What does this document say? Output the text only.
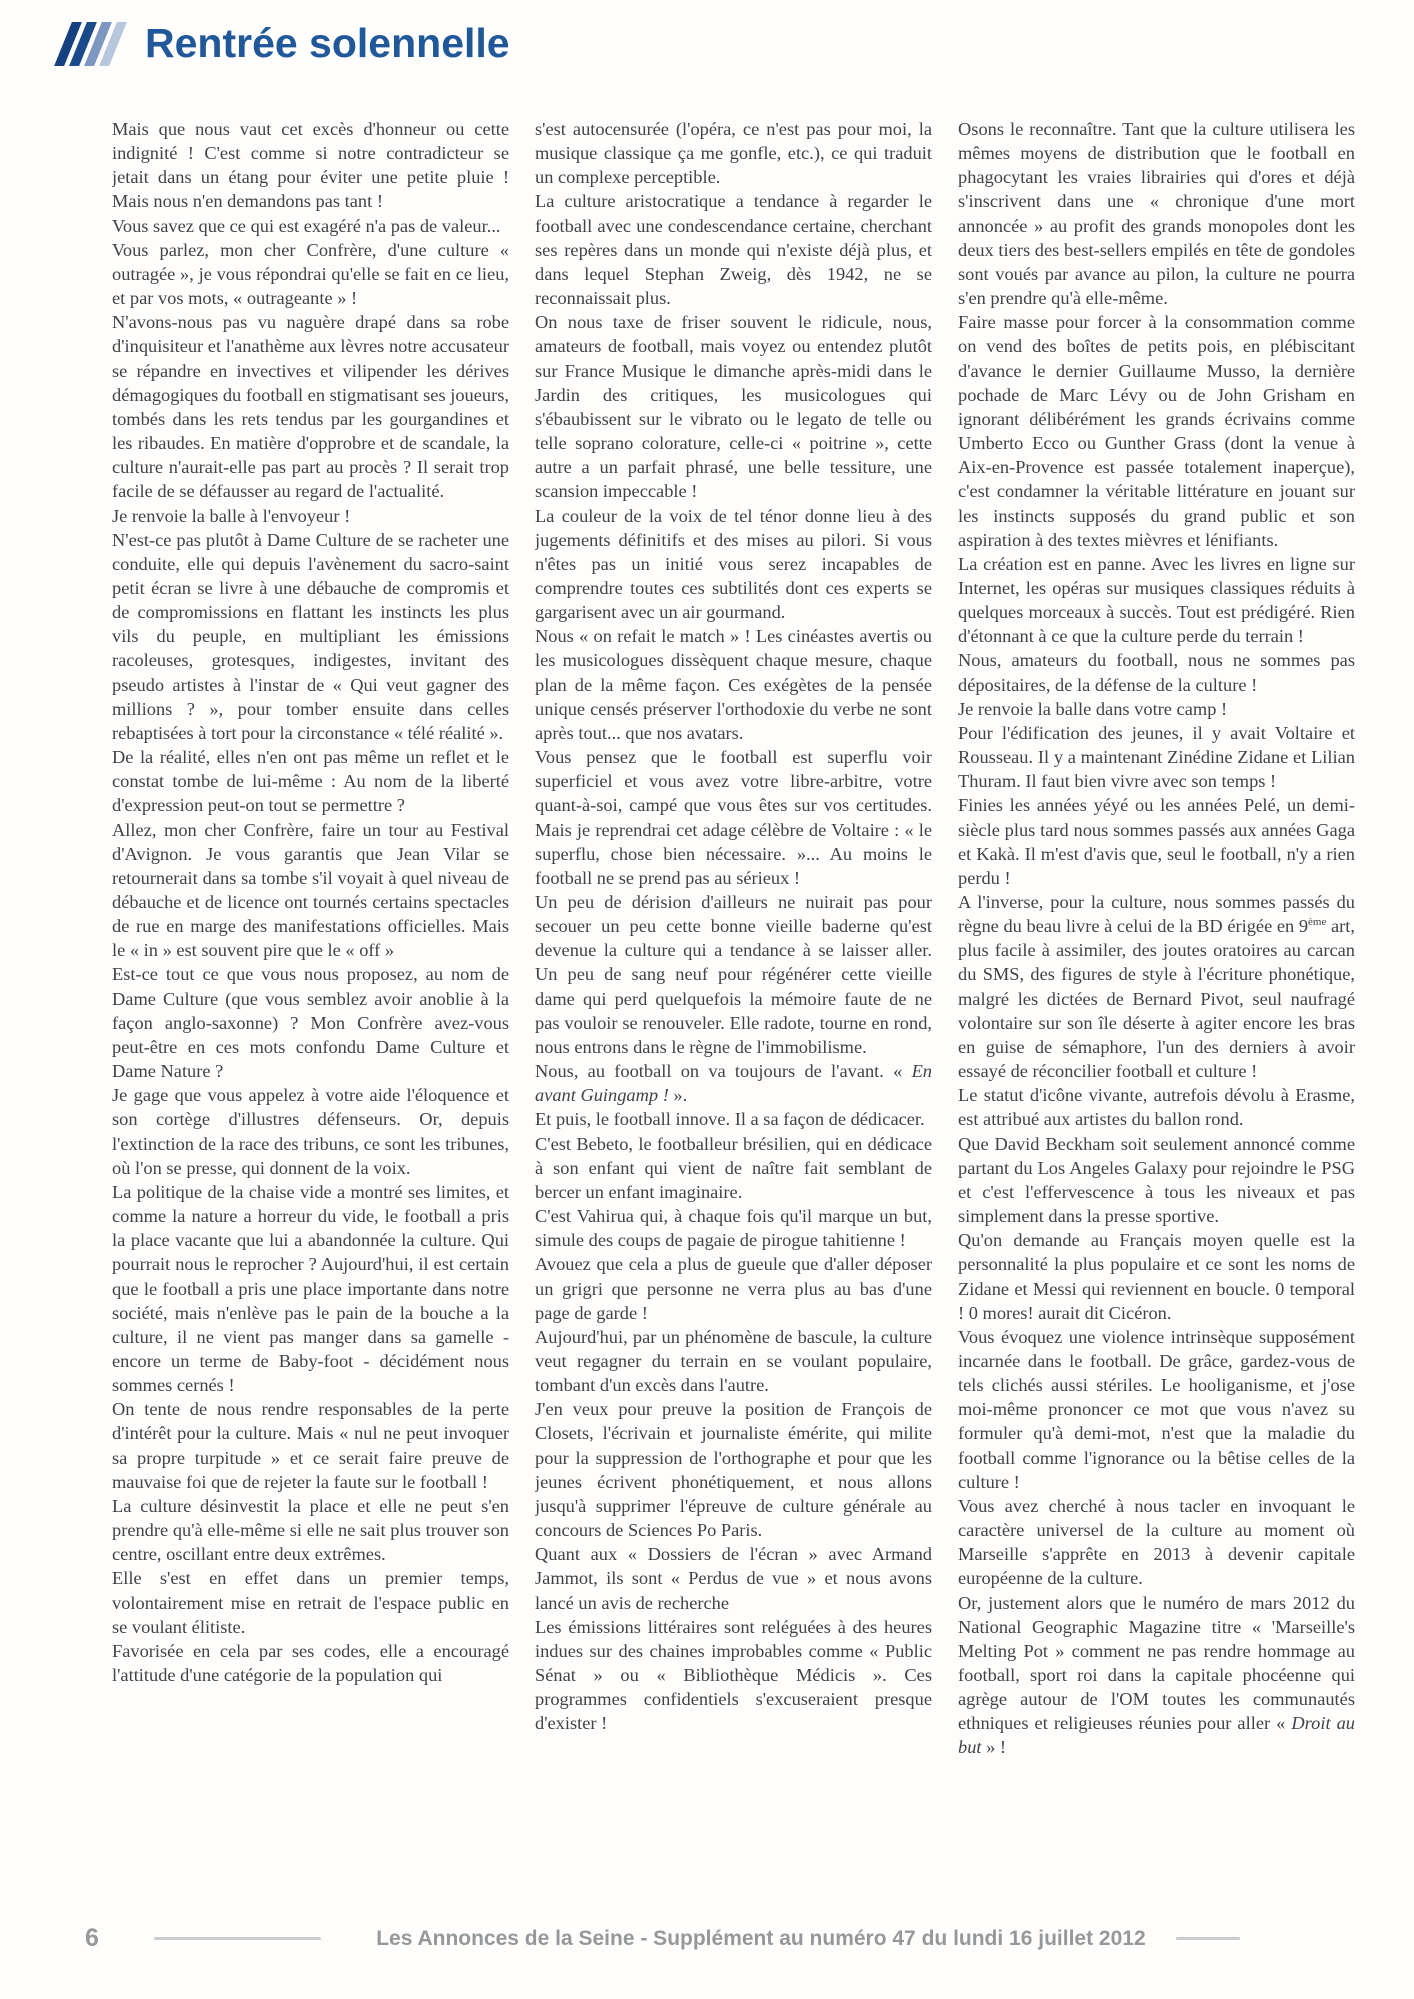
Rentrée solennelle

Mais que nous vaut cet excès d'honneur ou cette indignité ! C'est comme si notre contradicteur se jetait dans un étang pour éviter une petite pluie ! Mais nous n'en demandons pas tant !

Vous savez que ce qui est exagéré n'a pas de valeur...

Vous parlez, mon cher Confrère, d'une culture « outragée », je vous répondrai qu'elle se fait en ce lieu, et par vos mots, « outrageante » !

N'avons-nous pas vu naguère drapé dans sa robe d'inquisiteur et l'anathème aux lèvres notre accusateur se répandre en invectives et vilipender les dérives démagogiques du football en stigmatisant ses joueurs, tombés dans les rets tendus par les gourgandines et les ribaudes. En matière d'opprobre et de scandale, la culture n'aurait-elle pas part au procès ? Il serait trop facile de se défausser au regard de l'actualité.

Je renvoie la balle à l'envoyeur !

N'est-ce pas plutôt à Dame Culture de se racheter une conduite, elle qui depuis l'avènement du sacro-saint petit écran se livre à une débauche de compromis et de compromissions en flattant les instincts les plus vils du peuple, en multipliant les émissions racoleuses, grotesques, indigestes, invitant des pseudo artistes à l'instar de « Qui veut gagner des millions ? », pour tomber ensuite dans celles rebaptisées à tort pour la circonstance « télé réalité ».

De la réalité, elles n'en ont pas même un reflet et le constat tombe de lui-même : Au nom de la liberté d'expression peut-on tout se permettre ?

Allez, mon cher Confrère, faire un tour au Festival d'Avignon. Je vous garantis que Jean Vilar se retournerait dans sa tombe s'il voyait à quel niveau de débauche et de licence ont tournés certains spectacles de rue en marge des manifestations officielles. Mais le « in » est souvent pire que le « off »

Est-ce tout ce que vous nous proposez, au nom de Dame Culture (que vous semblez avoir anoblie à la façon anglo-saxonne) ? Mon Confrère avez-vous peut-être en ces mots confondu Dame Culture et Dame Nature ?

Je gage que vous appelez à votre aide l'éloquence et son cortège d'illustres défenseurs. Or, depuis l'extinction de la race des tribuns, ce sont les tribunes, où l'on se presse, qui donnent de la voix.

La politique de la chaise vide a montré ses limites, et comme la nature a horreur du vide, le football a pris la place vacante que lui a abandonnée la culture. Qui pourrait nous le reprocher ? Aujourd'hui, il est certain que le football a pris une place importante dans notre société, mais n'enlève pas le pain de la bouche a la culture, il ne vient pas manger dans sa gamelle - encore un terme de Baby-foot - décidément nous sommes cernés !

On tente de nous rendre responsables de la perte d'intérêt pour la culture. Mais « nul ne peut invoquer sa propre turpitude » et ce serait faire preuve de mauvaise foi que de rejeter la faute sur le football !

La culture désinvestit la place et elle ne peut s'en prendre qu'à elle-même si elle ne sait plus trouver son centre, oscillant entre deux extrêmes.

Elle s'est en effet dans un premier temps, volontairement mise en retrait de l'espace public en se voulant élitiste.

Favorisée en cela par ses codes, elle a encouragé l'attitude d'une catégorie de la population qui

s'est autocensurée (l'opéra, ce n'est pas pour moi, la musique classique ça me gonfle, etc.), ce qui traduit un complexe perceptible.

La culture aristocratique a tendance à regarder le football avec une condescendance certaine, cherchant ses repères dans un monde qui n'existe déjà plus, et dans lequel Stephan Zweig, dès 1942, ne se reconnaissait plus.

On nous taxe de friser souvent le ridicule, nous, amateurs de football, mais voyez ou entendez plutôt sur France Musique le dimanche après-midi dans le Jardin des critiques, les musicologues qui s'ébaubissent sur le vibrato ou le legato de telle ou telle soprano colorature, celle-ci « poitrine », cette autre a un parfait phrasé, une belle tessiture, une scansion impeccable !

La couleur de la voix de tel ténor donne lieu à des jugements définitifs et des mises au pilori. Si vous n'êtes pas un initié vous serez incapables de comprendre toutes ces subtilités dont ces experts se gargarisent avec un air gourmand.

Nous « on refait le match » ! Les cinéastes avertis ou les musicologues dissèquent chaque mesure, chaque plan de la même façon. Ces exégètes de la pensée unique censés préserver l'orthodoxie du verbe ne sont après tout... que nos avatars.

Vous pensez que le football est superflu voir superficiel et vous avez votre libre-arbitre, votre quant-à-soi, campé que vous êtes sur vos certitudes. Mais je reprendrai cet adage célèbre de Voltaire : « le superflu, chose bien nécessaire. »... Au moins le football ne se prend pas au sérieux !

Un peu de dérision d'ailleurs ne nuirait pas pour secouer un peu cette bonne vieille baderne qu'est devenue la culture qui a tendance à se laisser aller. Un peu de sang neuf pour régénérer cette vieille dame qui perd quelquefois la mémoire faute de ne pas vouloir se renouveler. Elle radote, tourne en rond, nous entrons dans le règne de l'immobilisme.

Nous, au football on va toujours de l'avant. « En avant Guingamp ! ».

Et puis, le football innove. Il a sa façon de dédicacer.

C'est Bebeto, le footballeur brésilien, qui en dédicace à son enfant qui vient de naître fait semblant de bercer un enfant imaginaire.

C'est Vahirua qui, à chaque fois qu'il marque un but, simule des coups de pagaie de pirogue tahitienne !

Avouez que cela a plus de gueule que d'aller déposer un grigri que personne ne verra plus au bas d'une page de garde !

Aujourd'hui, par un phénomène de bascule, la culture veut regagner du terrain en se voulant populaire, tombant d'un excès dans l'autre.

J'en veux pour preuve la position de François de Closets, l'écrivain et journaliste émérite, qui milite pour la suppression de l'orthographe et pour que les jeunes écrivent phonétiquement, et nous allons jusqu'à supprimer l'épreuve de culture générale au concours de Sciences Po Paris.

Quant aux « Dossiers de l'écran » avec Armand Jammot, ils sont « Perdus de vue » et nous avons lancé un avis de recherche

Les émissions littéraires sont reléguées à des heures indues sur des chaines improbables comme « Public Sénat » ou « Bibliothèque Médicis ». Ces programmes confidentiels s'excuseraient presque d'exister !

Osons le reconnaître. Tant que la culture utilisera les mêmes moyens de distribution que le football en phagocytant les vraies librairies qui d'ores et déjà s'inscrivent dans une « chronique d'une mort annoncée » au profit des grands monopoles dont les deux tiers des best-sellers empilés en tête de gondoles sont voués par avance au pilon, la culture ne pourra s'en prendre qu'à elle-même.

Faire masse pour forcer à la consommation comme on vend des boîtes de petits pois, en plébiscitant d'avance le dernier Guillaume Musso, la dernière pochade de Marc Lévy ou de John Grisham en ignorant délibérément les grands écrivains comme Umberto Ecco ou Gunther Grass (dont la venue à Aix-en-Provence est passée totalement inaperçue), c'est condamner la véritable littérature en jouant sur les instincts supposés du grand public et son aspiration à des textes mièvres et lénifiants.

La création est en panne. Avec les livres en ligne sur Internet, les opéras sur musiques classiques réduits à quelques morceaux à succès. Tout est prédigéré. Rien d'étonnant à ce que la culture perde du terrain !

Nous, amateurs du football, nous ne sommes pas dépositaires, de la défense de la culture !

Je renvoie la balle dans votre camp !

Pour l'édification des jeunes, il y avait Voltaire et Rousseau. Il y a maintenant Zinédine Zidane et Lilian Thuram. Il faut bien vivre avec son temps !

Finies les années yéyé ou les années Pelé, un demi-siècle plus tard nous sommes passés aux années Gaga et Kakà. Il m'est d'avis que, seul le football, n'y a rien perdu !

A l'inverse, pour la culture, nous sommes passés du règne du beau livre à celui de la BD érigée en 9ème art, plus facile à assimiler, des joutes oratoires au carcan du SMS, des figures de style à l'écriture phonétique, malgré les dictées de Bernard Pivot, seul naufragé volontaire sur son île déserte à agiter encore les bras en guise de sémaphore, l'un des derniers à avoir essayé de réconcilier football et culture !

Le statut d'icône vivante, autrefois dévolu à Erasme, est attribué aux artistes du ballon rond.

Que David Beckham soit seulement annoncé comme partant du Los Angeles Galaxy pour rejoindre le PSG et c'est l'effervescence à tous les niveaux et pas simplement dans la presse sportive.

Qu'on demande au Français moyen quelle est la personnalité la plus populaire et ce sont les noms de Zidane et Messi qui reviennent en boucle. 0 temporal ! 0 mores! aurait dit Cicéron.

Vous évoquez une violence intrinsèque supposément incarnée dans le football. De grâce, gardez-vous de tels clichés aussi stériles. Le hooliganisme, et j'ose moi-même prononcer ce mot que vous n'avez su formuler qu'à demi-mot, n'est que la maladie du football comme l'ignorance ou la bêtise celles de la culture !

Vous avez cherché à nous tacler en invoquant le caractère universel de la culture au moment où Marseille s'apprête en 2013 à devenir capitale européenne de la culture.

Or, justement alors que le numéro de mars 2012 du National Geographic Magazine titre « 'Marseille's Melting Pot » comment ne pas rendre hommage au football, sport roi dans la capitale phocéenne qui agrège autour de l'OM toutes les communautés ethniques et religieuses réunies pour aller « Droit au but » !

6	Les Annonces de la Seine - Supplément au numéro 47 du lundi 16 juillet 2012
